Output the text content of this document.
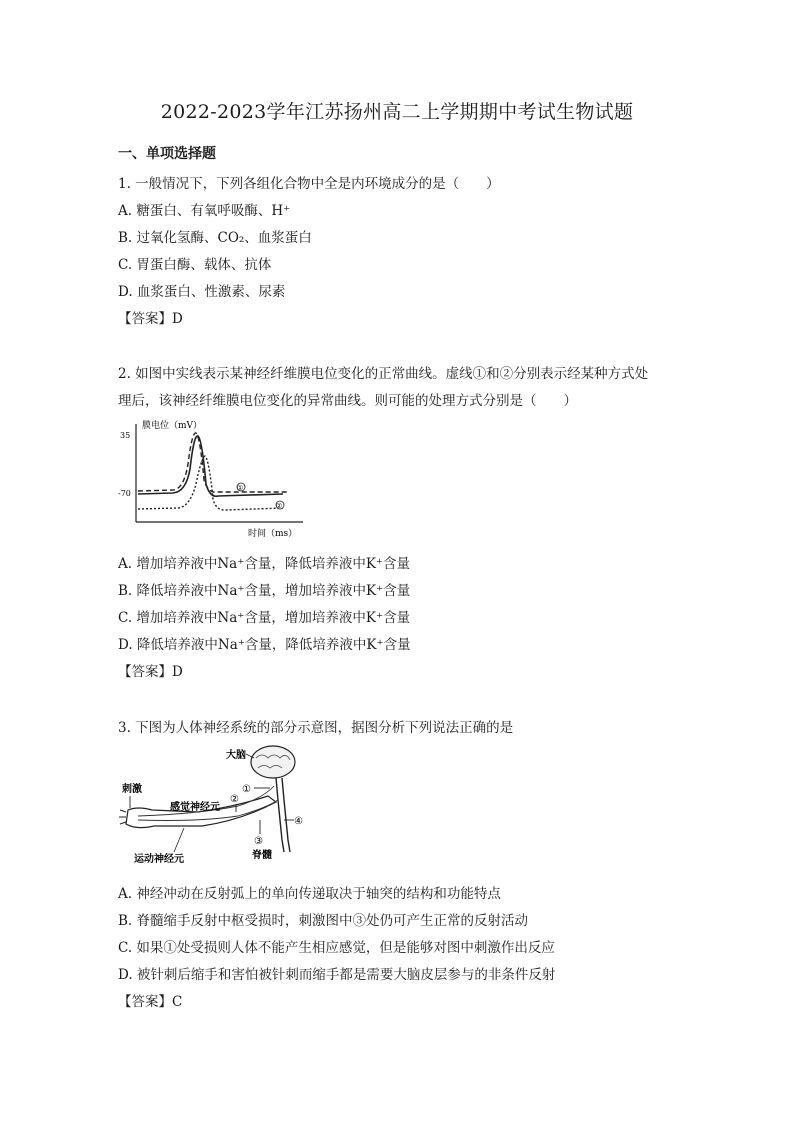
2022-2023学年江苏扬州高二上学期期中考试生物试题
一、单项选择题
1. 一般情况下，下列各组化合物中全是内环境成分的是（　　）
A. 糖蛋白、有氧呼吸酶、H⁺
B. 过氧化氢酶、CO₂、血浆蛋白
C. 胃蛋白酶、载体、抗体
D. 血浆蛋白、性激素、尿素
【答案】D
2. 如图中实线表示某神经纤维膜电位变化的正常曲线。虚线①和②分别表示经某种方式处
理后，该神经纤维膜电位变化的异常曲线。则可能的处理方式分别是（　　）
35
-70
膜电位（mV）
时间（ms）
①
②
A. 增加培养液中Na⁺含量，降低培养液中K⁺含量
B. 降低培养液中Na⁺含量，增加培养液中K⁺含量
C. 增加培养液中Na⁺含量，增加培养液中K⁺含量
D. 降低培养液中Na⁺含量，降低培养液中K⁺含量
【答案】D
3. 下图为人体神经系统的部分示意图，据图分析下列说法正确的是
大脑
脊髓
刺激
感觉神经元
运动神经元
①
②
③
④
A. 神经冲动在反射弧上的单向传递取决于轴突的结构和功能特点
B. 脊髓缩手反射中枢受损时，刺激图中③处仍可产生正常的反射活动
C. 如果①处受损则人体不能产生相应感觉，但是能够对图中刺激作出反应
D. 被针刺后缩手和害怕被针刺而缩手都是需要大脑皮层参与的非条件反射
【答案】C
